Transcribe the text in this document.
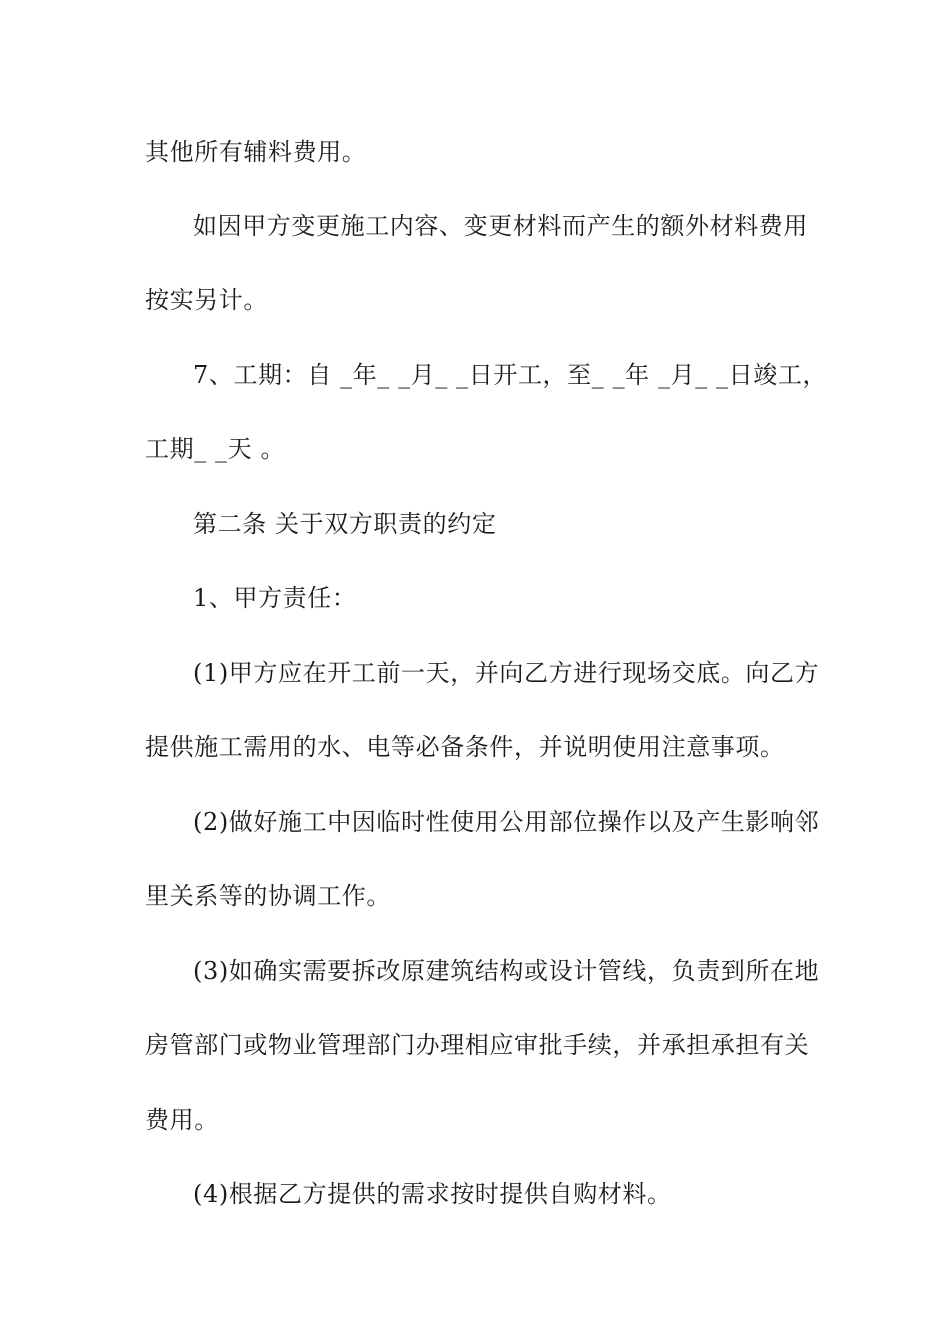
其他所有辅料费用。
如因甲方变更施工内容、变更材料而产生的额外材料费用
按实另计。
7、工期：自 _年_ _月_ _日开工，至_ _年 _月_ _日竣工，
工期_ _天 。
第二条 关于双方职责的约定
1、甲方责任：
(1)甲方应在开工前一天，并向乙方进行现场交底。向乙方
提供施工需用的水、电等必备条件，并说明使用注意事项。
(2)做好施工中因临时性使用公用部位操作以及产生影响邻
里关系等的协调工作。
(3)如确实需要拆改原建筑结构或设计管线，负责到所在地
房管部门或物业管理部门办理相应审批手续，并承担承担有关
费用。
(4)根据乙方提供的需求按时提供自购材料。
